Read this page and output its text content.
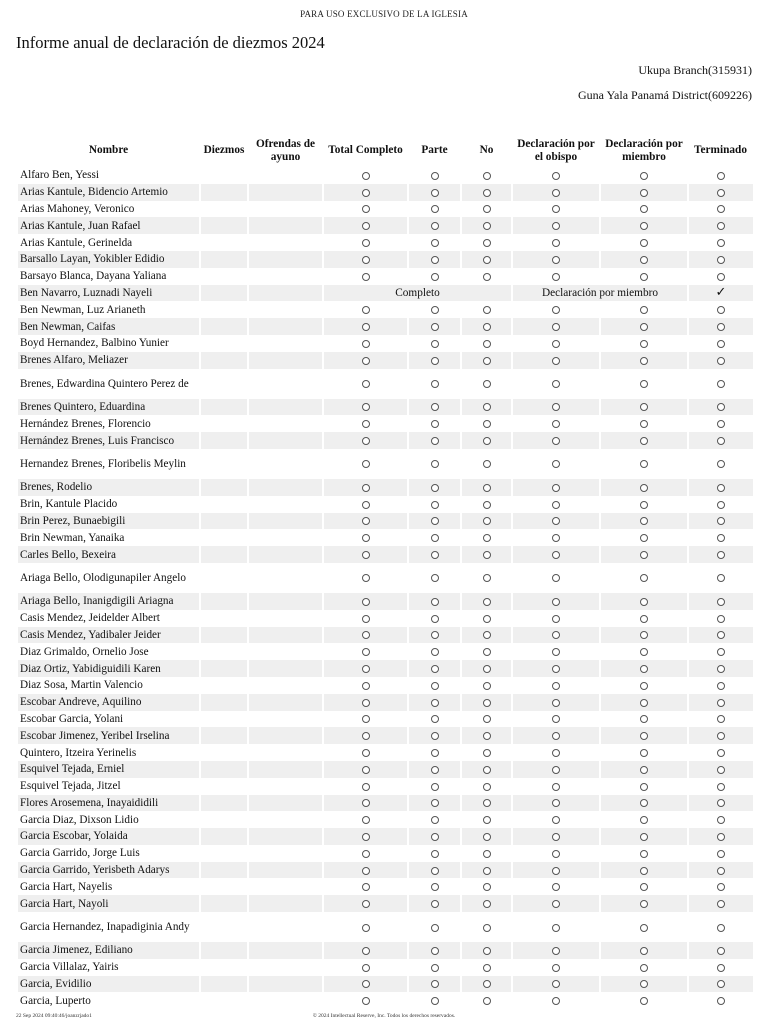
PARA USO EXCLUSIVO DE LA IGLESIA
Informe anual de declaración de diezmos 2024
Ukupa Branch(315931)
Guna Yala Panamá District(609226)
Nombre	Diezmos	Ofrendas de ayuno	Total Completo	Parte	No	Declaración por el obispo	Declaración por miembro	Terminado
Alfaro Ben, Yessi								
Arias Kantule, Bidencio Artemio								
Arias Mahoney, Veronico								
Arias Kantule, Juan Rafael								
Arias Kantule, Gerinelda								
Barsallo Layan, Yokibler Edidio								
Barsayo Blanca, Dayana Yaliana								
Ben Navarro, Luznadi Nayeli			Completo			Declaración por miembro		✓
Ben Newman, Luz Arianeth								
Ben Newman, Caifas								
Boyd Hernandez, Balbino Yunier								
Brenes Alfaro, Meliazer								
Brenes, Edwardina Quintero Perez de								
Brenes Quintero, Eduardina								
Hernández Brenes, Florencio								
Hernández Brenes, Luis Francisco								
Hernandez Brenes, Floribelis Meylin								
Brenes, Rodelio								
Brin, Kantule Placido								
Brin Perez, Bunaebigili								
Brin Newman, Yanaika								
Carles Bello, Bexeira								
Ariaga Bello, Olodigunapiler Angelo								
Ariaga Bello, Inanigdigili Ariagna								
Casis Mendez, Jeidelder Albert								
Casis Mendez, Yadibaler Jeider								
Diaz Grimaldo, Ornelio Jose								
Diaz Ortiz, Yabidiguidili Karen								
Diaz Sosa, Martin Valencio								
Escobar Andreve, Aquilino								
Escobar Garcia, Yolani								
Escobar Jimenez, Yeribel Irselina								
Quintero, Itzeira Yerinelis								
Esquivel Tejada, Erniel								
Esquivel Tejada, Jitzel								
Flores Arosemena, Inayaididili								
Garcia Diaz, Dixson Lidio								
Garcia Escobar, Yolaida								
Garcia Garrido, Jorge Luis								
Garcia Garrido, Yerisbeth Adarys								
Garcia Hart, Nayelis								
Garcia Hart, Nayoli								
Garcia Hernandez, Inapadiginia Andy								
Garcia Jimenez, Ediliano								
Garcia Villalaz, Yairis								
Garcia, Evidilio								
Garcia, Luperto								
22 Sep 2024 09:40:46/joanzrjado1	© 2024 Intellectual Reserve, Inc. Todos los derechos reservados.
